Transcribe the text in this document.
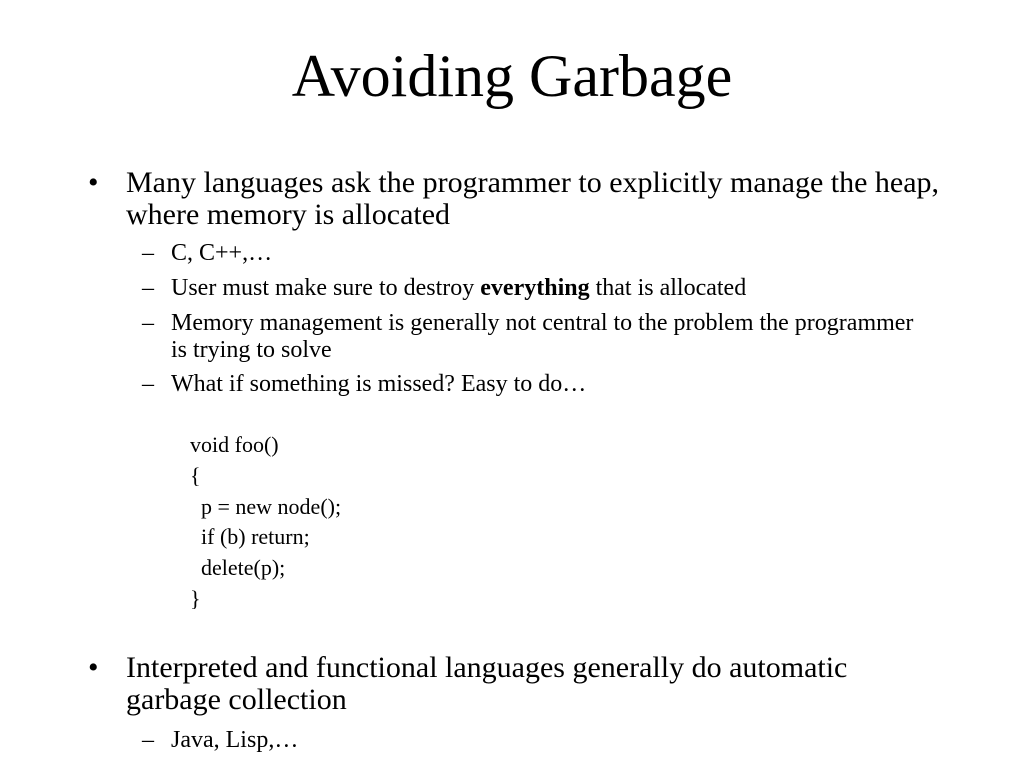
Avoiding Garbage
• Many languages ask the programmer to explicitly manage the heap, where memory is allocated

– C, C++,…

– User must make sure to destroy everything that is allocated

– Memory management is generally not central to the problem the programmer is trying to solve

– What if something is missed? Easy to do…

void foo()
{
p = new node();
if (b) return;
delete(p);
}
• Interpreted and functional languages generally do automatic garbage collection

– Java, Lisp,…
